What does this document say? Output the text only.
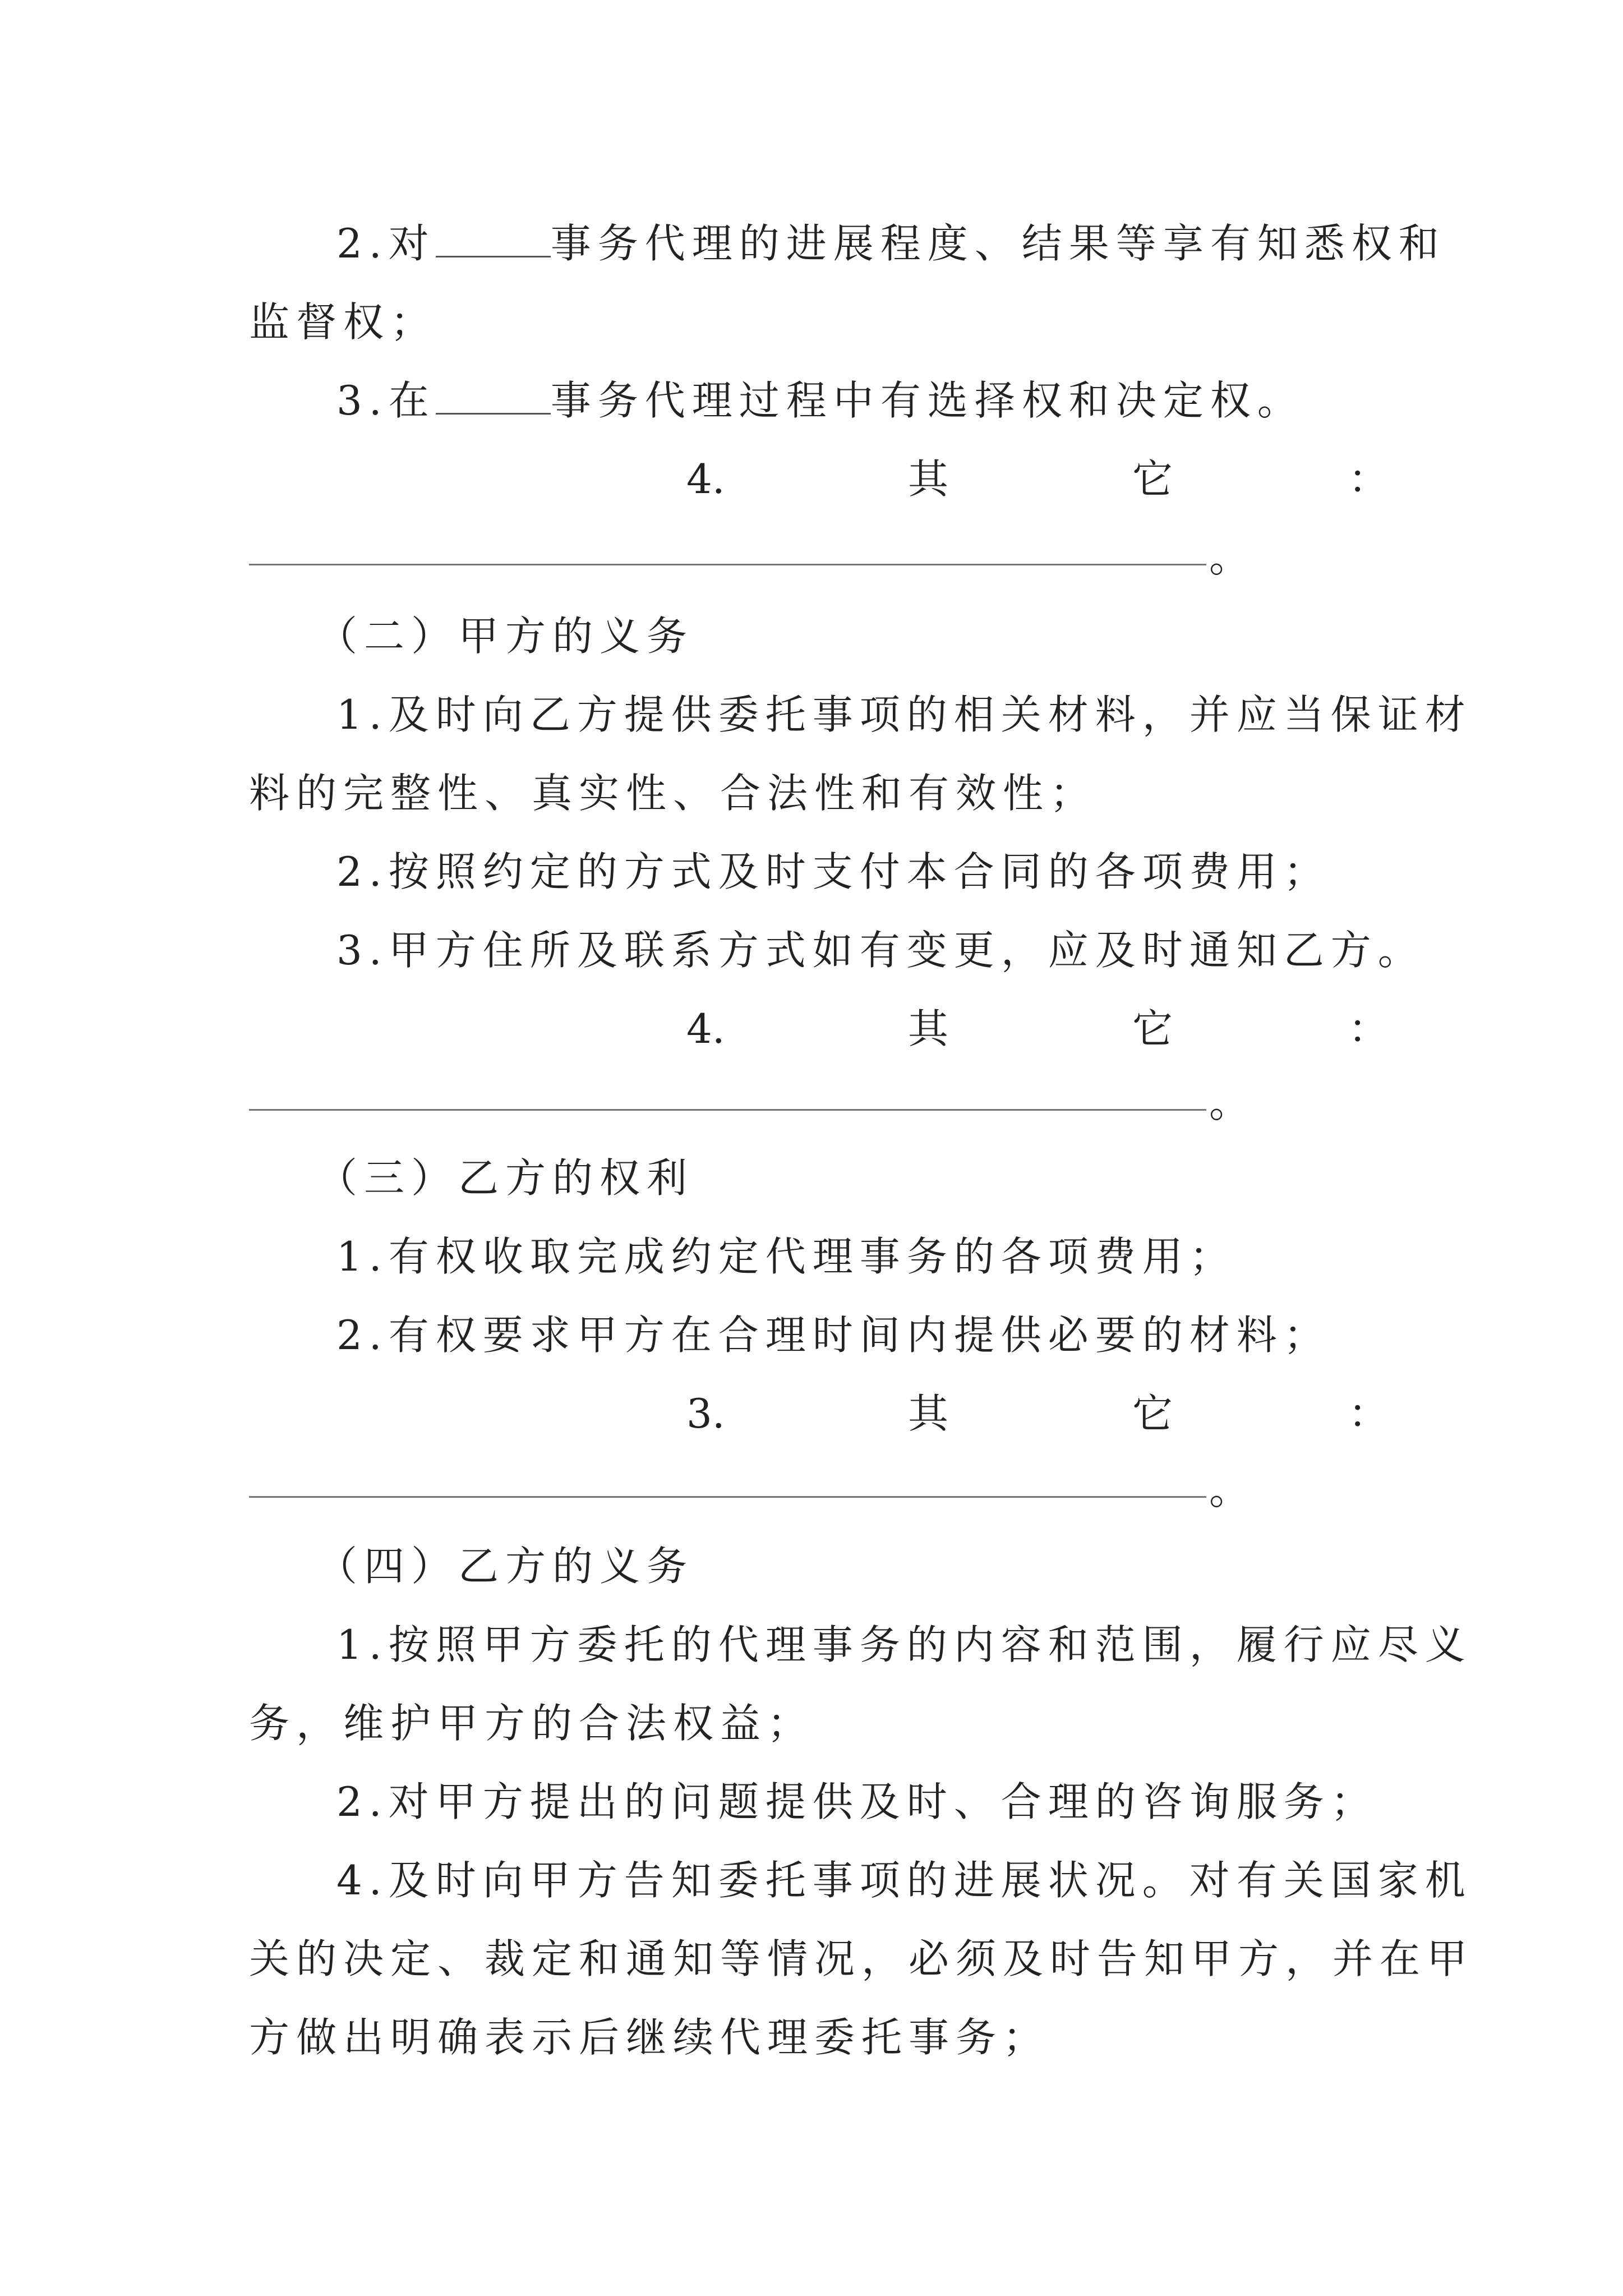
2.对	事务代理的进展程度、结果等享有知悉权和
监督权；
3.在	事务代理过程中有选择权和决定权。
4.	其	它	：
。
（二）甲方的义务
1.及时向乙方提供委托事项的相关材料，并应当保证材
料的完整性、真实性、合法性和有效性；
2.按照约定的方式及时支付本合同的各项费用；
3.甲方住所及联系方式如有变更，应及时通知乙方。
4.	其	它	：
。
（三）乙方的权利
1.有权收取完成约定代理事务的各项费用；
2.有权要求甲方在合理时间内提供必要的材料；
3.	其	它	：
。
（四）乙方的义务
1.按照甲方委托的代理事务的内容和范围，履行应尽义
务，维护甲方的合法权益；
2.对甲方提出的问题提供及时、合理的咨询服务；
4.及时向甲方告知委托事项的进展状况。对有关国家机
关的决定、裁定和通知等情况，必须及时告知甲方，并在甲
方做出明确表示后继续代理委托事务；
